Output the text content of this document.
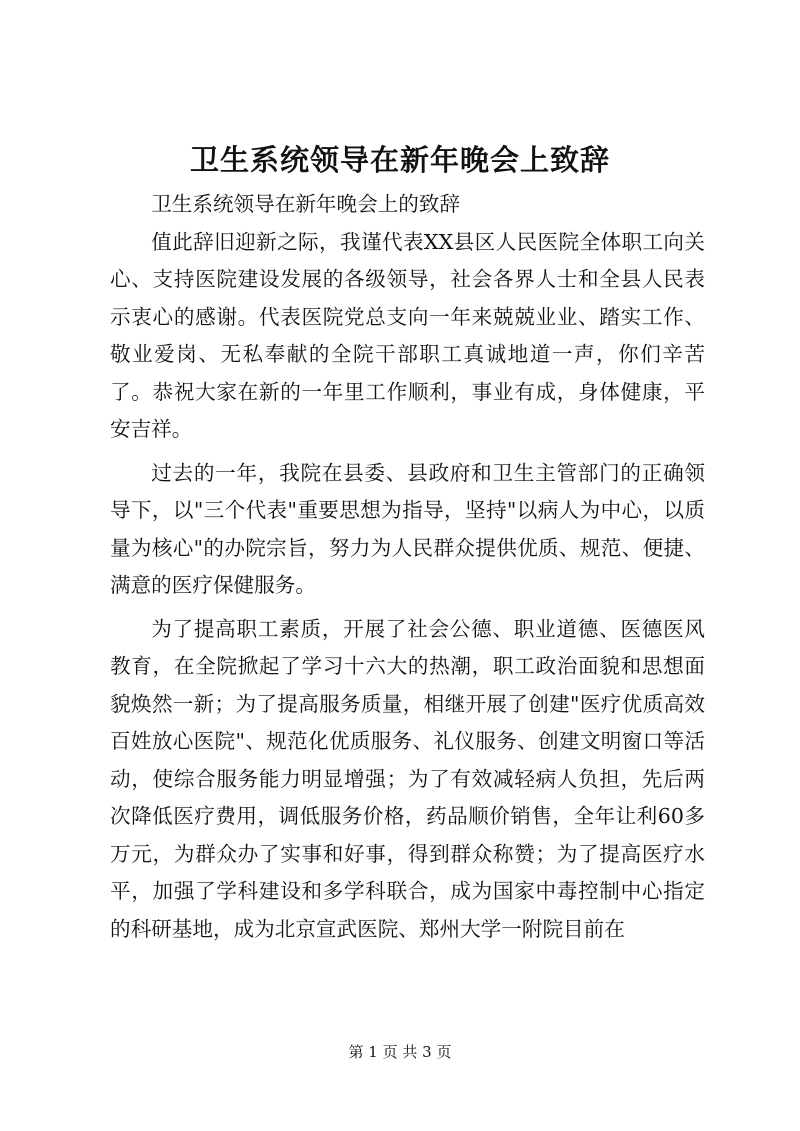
卫生系统领导在新年晚会上致辞

卫生系统领导在新年晚会上的致辞

值此辞旧迎新之际，我谨代表XX县区人民医院全体职工向关心、支持医院建设发展的各级领导，社会各界人士和全县人民表示衷心的感谢。代表医院党总支向一年来兢兢业业、踏实工作、敬业爱岗、无私奉献的全院干部职工真诚地道一声，你们辛苦了。恭祝大家在新的一年里工作顺利，事业有成，身体健康，平安吉祥。

过去的一年，我院在县委、县政府和卫生主管部门的正确领导下，以"三个代表"重要思想为指导，坚持"以病人为中心，以质量为核心"的办院宗旨，努力为人民群众提供优质、规范、便捷、满意的医疗保健服务。

为了提高职工素质，开展了社会公德、职业道德、医德医风教育，在全院掀起了学习十六大的热潮，职工政治面貌和思想面貌焕然一新；为了提高服务质量，相继开展了创建"医疗优质高效百姓放心医院"、规范化优质服务、礼仪服务、创建文明窗口等活动，使综合服务能力明显增强；为了有效减轻病人负担，先后两次降低医疗费用，调低服务价格，药品顺价销售，全年让利60多万元，为群众办了实事和好事，得到群众称赞；为了提高医疗水平，加强了学科建设和多学科联合，成为国家中毒控制中心指定的科研基地，成为北京宣武医院、郑州大学一附院目前在

第 1 页 共 3 页
